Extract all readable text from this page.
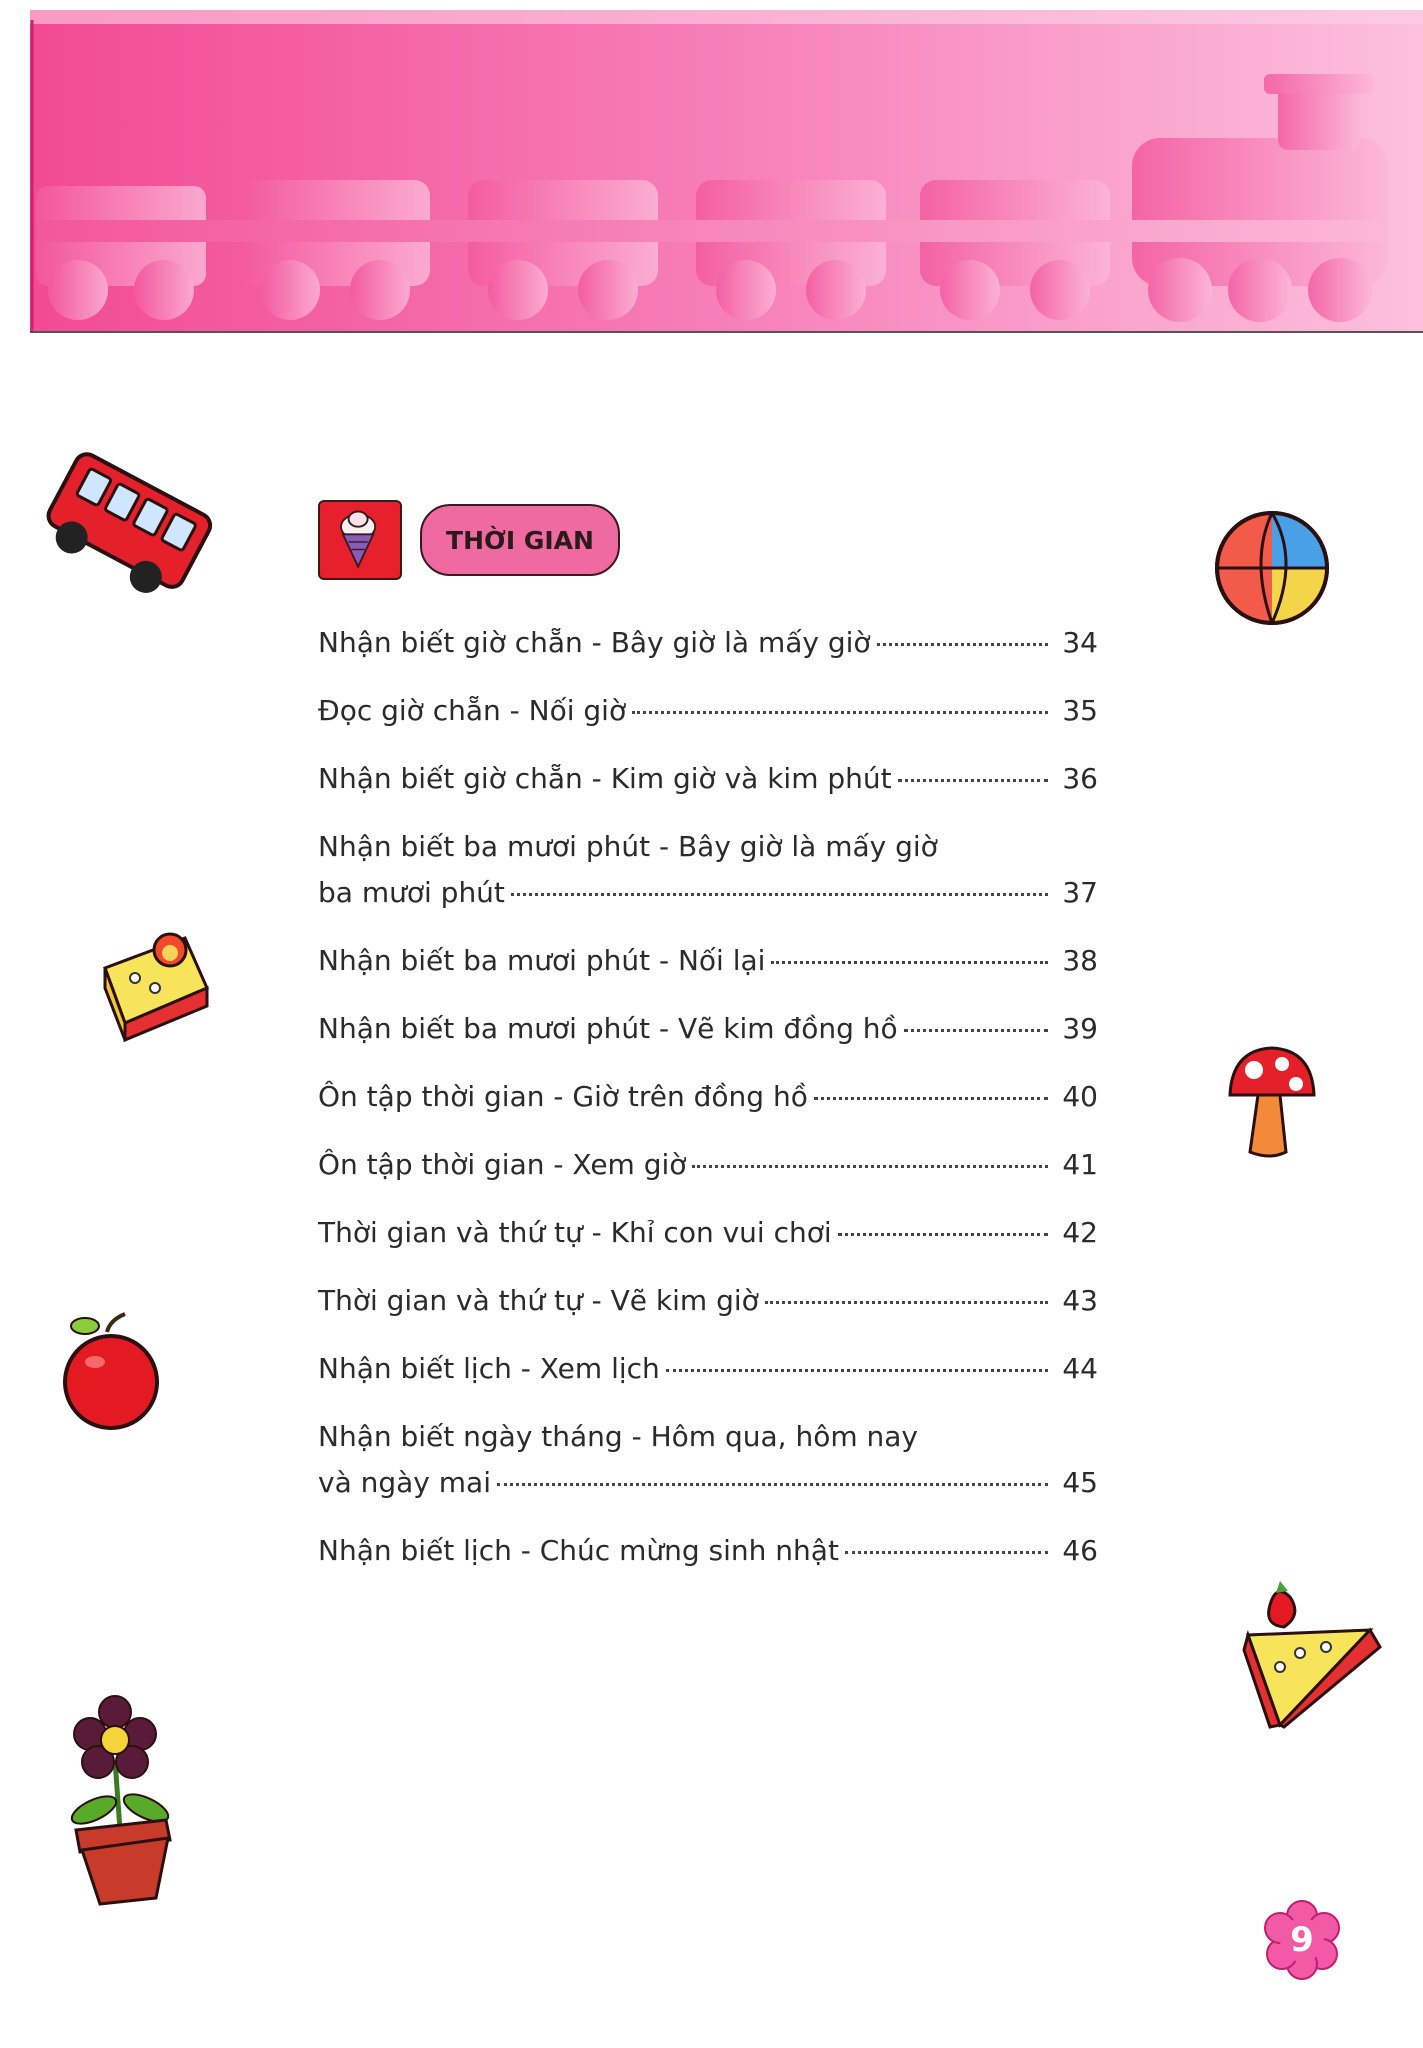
THỜI GIAN
Nhận biết giờ chẵn - Bây giờ là mấy giờ	34
Đọc giờ chẵn - Nối giờ	35
Nhận biết giờ chẵn - Kim giờ và kim phút	36
Nhận biết ba mươi phút - Bây giờ là mấy giờ
ba mươi phút	37
Nhận biết ba mươi phút - Nối lại	38
Nhận biết ba mươi phút - Vẽ kim đồng hồ	39
Ôn tập thời gian - Giờ trên đồng hồ	40
Ôn tập thời gian - Xem giờ	41
Thời gian và thứ tự - Khỉ con vui chơi	42
Thời gian và thứ tự - Vẽ kim giờ	43
Nhận biết lịch - Xem lịch	44
Nhận biết ngày tháng - Hôm qua, hôm nay
và ngày mai	45
Nhận biết lịch - Chúc mừng sinh nhật	46
9
